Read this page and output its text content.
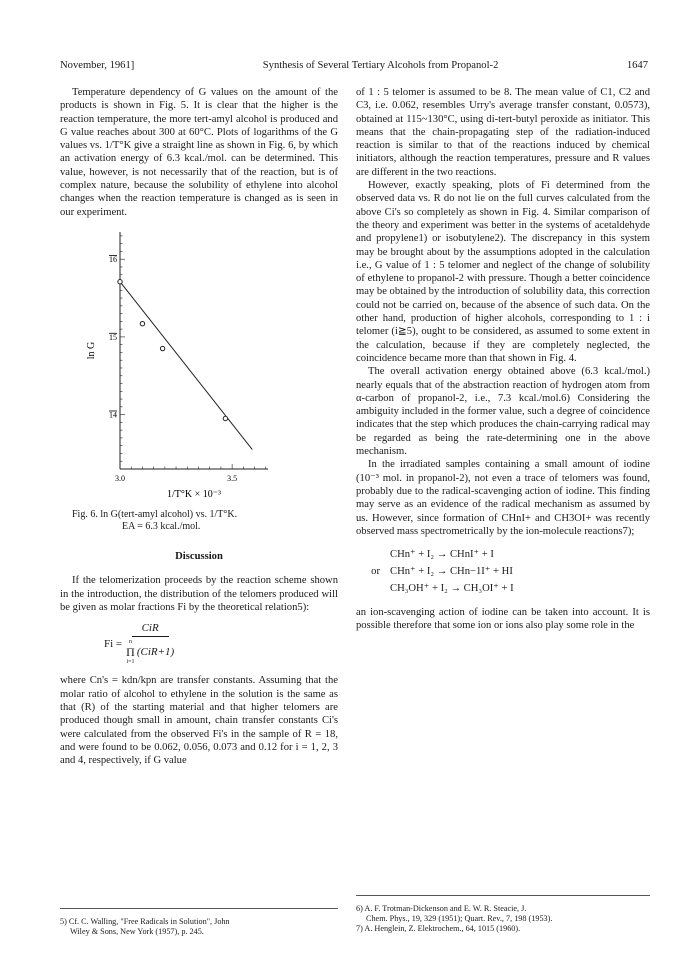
November, 1961]	Synthesis of Several Tertiary Alcohols from Propanol-2	1647

Temperature dependency of G values on the amount of the products is shown in Fig. 5. It is clear that the higher is the reaction temperature, the more tert-amyl alcohol is produced and G value reaches about 300 at 60°C. Plots of logarithms of the G values vs. 1/T°K give a straight line as shown in Fig. 6, by which an activation energy of 6.3 kcal./mol. can be determined. This value, however, is not necessarily that of the reaction, but is of complex nature, because the solubility of ethylene into alcohol changes when the reaction temperature is changed as is seen in our experiment.

16
15
14
3.0	3.5
ln G
1/T°K × 10⁻³
Fig. 6. ln G(tert-amyl alcohol) vs. 1/T°K.
EA = 6.3 kcal./mol.
Discussion

If the telomerization proceeds by the reaction scheme shown in the introduction, the distribution of the telomers produced will be given as molar fractions Fi by the theoretical relation5):

Fi = CiR
n
Π
i=1
(CiR+1)

where Cn's = kdn/kpn are transfer constants. Assuming that the molar ratio of alcohol to ethylene in the solution is the same as that (R) of the starting material and that higher telomers are produced though small in amount, chain transfer constants Ci's were calculated from the observed Fi's in the sample of R = 18, and were found to be 0.062, 0.056, 0.073 and 0.12 for i = 1, 2, 3 and 4, respectively, if G value

of 1 : 5 telomer is assumed to be 8. The mean value of C1, C2 and C3, i.e. 0.062, resembles Urry's average transfer constant, 0.0573), obtained at 115~130°C, using di-tert-butyl peroxide as initiator. This means that the chain-propagating step of the radiation-induced reaction is similar to that of the reactions induced by chemical initiators, although the reaction temperatures, pressure and R values are different in the two reactions.

However, exactly speaking, plots of Fi determined from the observed data vs. R do not lie on the full curves calculated from the above Ci's so completely as shown in Fig. 4. Similar comparison of the theory and experiment was better in the systems of acetaldehyde and propylene1) or isobutylene2). The discrepancy in this system may be brought about by the assumptions adopted in the calculation i.e., G value of 1 : 5 telomer and neglect of the change of solubility of ethylene to propanol-2 with pressure. Though a better coincidence may be obtained by the introduction of solubility data, this correction could not be carried on, because of the absence of such data. On the other hand, production of higher alcohols, corresponding to 1 : i telomer (i≧5), ought to be considered, as assumed to some extent in the calculation, because if they are completely neglected, the coincidence became more than that shown in Fig. 4.

The overall activation energy obtained above (6.3 kcal./mol.) nearly equals that of the abstraction reaction of hydrogen atom from α-carbon of propanol-2, i.e., 7.3 kcal./mol.6) Considering the ambiguity included in the former value, such a degree of coincidence indicates that the step which produces the chain-carrying radical may be regarded as being the rate-determining one in the above mechanism.

In the irradiated samples containing a small amount of iodine (10⁻³ mol. in propanol-2), not even a trace of telomers was found, probably due to the radical-scavenging action of iodine. This finding may serve as an evidence of the radical mechanism as assumed by us. However, since formation of CHnI+ and CH3OI+ was recently observed mass spectrometrically by the ion-molecule reactions7);

CHn⁺ + I₂ → CHnI⁺ + I
or CHn⁺ + I₂ → CHn−1I⁺ + HI
CH₃OH⁺ + I₂ → CH₃OI⁺ + I

an ion-scavenging action of iodine can be taken into account. It is possible therefore that some ion or ions also play some role in the

5) Cf. C. Walling, "Free Radicals in Solution", John

Wiley & Sons, New York (1957), p. 245.

6) A. F. Trotman-Dickenson and E. W. R. Steacie, J.

Chem. Phys., 19, 329 (1951); Quart. Rev., 7, 198 (1953).

7) A. Henglein, Z. Elektrochem., 64, 1015 (1960).
